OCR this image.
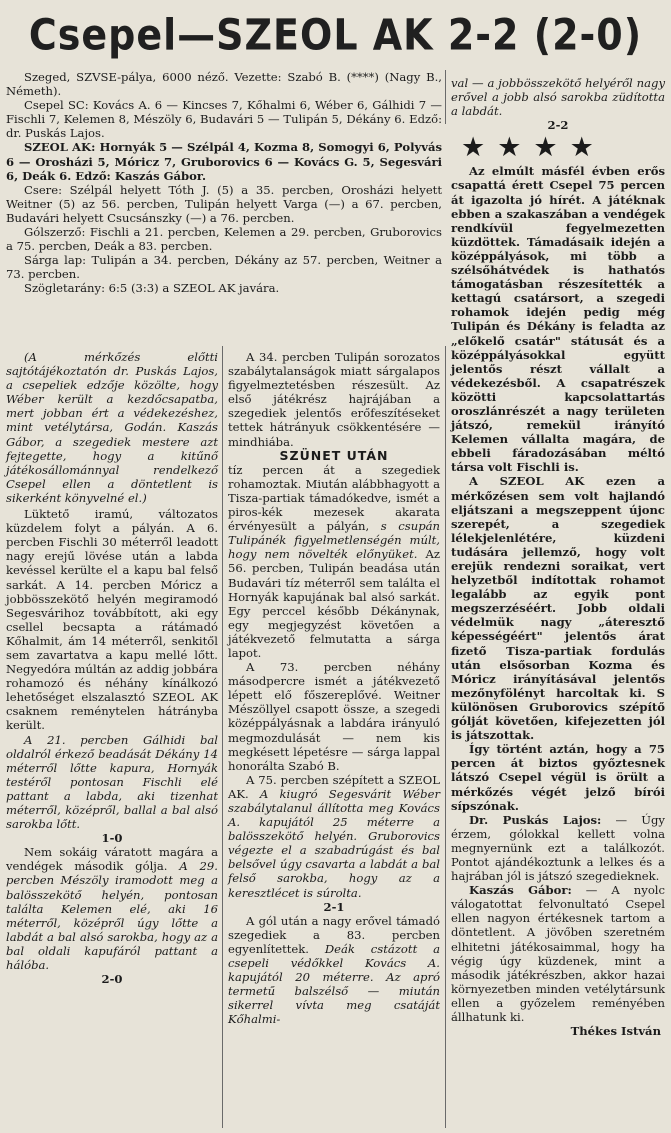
Csepel—SZEOL AK 2-2 (2-0)

Szeged, SZVSE-pálya, 6000 néző. Vezette: Szabó B. (****) (Nagy B., Németh).

Csepel SC: Kovács A. 6 — Kincses 7, Kőhalmi 6, Wéber 6, Gálhidi 7 — Fischli 7, Kelemen 8, Mészöly 6, Budavári 5 — Tulipán 5, Dékány 6. Edző: dr. Puskás Lajos.

SZEOL AK: Hornyák 5 — Szélpál 4, Kozma 8, Somogyi 6, Polyvás 6 — Orosházi 5, Móricz 7, Gruborovics 6 — Kovács G. 5, Segesvári 6, Deák 6. Edző: Kaszás Gábor.

Csere: Szélpál helyett Tóth J. (5) a 35. percben, Orosházi helyett Weitner (5) az 56. percben, Tulipán helyett Varga (—) a 67. percben, Budavári helyett Csucsánszky (—) a 76. percben.

Gólszerző: Fischli a 21. percben, Kelemen a 29. percben, Gruborovics a 75. percben, Deák a 83. percben.

Sárga lap: Tulipán a 34. percben, Dékány az 57. percben, Weitner a 73. percben.

Szögletarány: 6:5 (3:3) a SZEOL AK javára.

(A mérkőzés előtti sajtótájékoztatón dr. Puskás Lajos, a csepeliek edzője közölte, hogy Wéber került a kezdőcsapatba, mert jobban ért a védekezéshez, mint vetélytársa, Godán. Kaszás Gábor, a szegediek mestere azt fejtegette, hogy a kitűnő játékosállománnyal rendelkező Csepel ellen a döntetlent is sikerként könyvelné el.)

Lüktető iramú, változatos küzdelem folyt a pályán. A 6. percben Fischli 30 méterről leadott nagy erejű lövése után a labda kevéssel kerülte el a kapu bal felső sarkát. A 14. percben Móricz a jobbösszekötő helyén megiramodó Segesvárihoz továbbított, aki egy csellel becsapta a rátámadó Kőhalmit, ám 14 méterről, senkitől sem zavartatva a kapu mellé lőtt. Negyedóra múltán az addig jobbára rohamozó és néhány kínálkozó lehetőséget elszalasztó SZEOL AK csaknem reménytelen hátrányba került.

A 21. percben Gálhidi bal oldalról érkező beadását Dékány 14 méterről lőtte kapura, Hornyák testéről pontosan Fischli elé pattant a labda, aki tizenhat méterről, középről, ballal a bal alsó sarokba lőtt.

1-0

Nem sokáig váratott magára a vendégek második gólja. A 29. percben Mészöly iramodott meg a balösszekötő helyén, pontosan találta Kelemen elé, aki 16 méterről, középről úgy lőtte a labdát a bal alsó sarokba, hogy az a bal oldali kapufáról pattant a hálóba.

2-0

A 34. percben Tulipán sorozatos szabálytalanságok miatt sárgalapos figyelmeztetésben részesült. Az első játékrész hajrájában a szegediek jelentős erőfeszítéseket tettek hátrányuk csökkentésére — mindhiába.

SZÜNET UTÁN

tíz percen át a szegediek rohamoztak. Miután alábbhagyott a Tisza-partiak támadókedve, ismét a piros-kék mezesek akarata érvényesült a pályán, s csupán Tulipánék figyelmetlenségén múlt, hogy nem növelték előnyüket. Az 56. percben, Tulipán beadása után Budavári tíz méterről sem találta el Hornyák kapujának bal alsó sarkát. Egy perccel később Dékánynak, egy megjegyzést követően a játékvezető felmutatta a sárga lapot.

A 73. percben néhány másodpercre ismét a játékvezető lépett elő főszereplővé. Weitner Mészöllyel csapott össze, a szegedi középpályásnak a labdára irányuló megmozdulását — nem kis megkésett lépetésre — sárga lappal honorálta Szabó B.

A 75. percben szépített a SZEOL AK. A kiugró Segesvárit Wéber szabálytalanul állította meg Kovács A. kapujától 25 méterre a balösszekötő helyén. Gruborovics végezte el a szabadrúgást és bal belsővel úgy csavarta a labdát a bal felső sarokba, hogy az a keresztlécet is súrolta.

2-1

A gól után a nagy erővel támadó szegediek a 83. percben egyenlítettek. Deák cstázott a csepeli védőkkel Kovács A. kapujától 20 méterre. Az apró termetű balszélső — miután sikerrel vívta meg csatáját Kőhalmi-

val — a jobbösszekötő helyéről nagy erővel a jobb alsó sarokba züdította a labdát.

2-2

★★★★

Az elmúlt másfél évben erős csapattá érett Csepel 75 percen át igazolta jó hírét. A játéknak ebben a szakaszában a vendégek rendkívül fegyelmezetten küzdöttek. Támadásaik idején a középpályások, mi több a szélsőhátvédek is hathatós támogatásban részesítették a kettagú csatársort, a szegedi rohamok idején pedig még Tulipán és Dékány is feladta az „előkelő csatár" státusát és a középpályásokkal együtt jelentős részt vállalt a védekezésből. A csapatrészek közötti kapcsolattartás oroszlánrészét a nagy területen játszó, remekül irányító Kelemen vállalta magára, de ebbeli fáradozásában méltó társa volt Fischli is.

A SZEOL AK ezen a mérkőzésen sem volt hajlandó eljátszani a megszeppent újonc szerepét, a szegediek lélekjelenlétére, küzdeni tudására jellemző, hogy volt erejük rendezni soraikat, vert helyzetből indítottak rohamot legalább az egyik pont megszerzéséért. Jobb oldali védelmük nagy „áteresztő képességéért" jelentős árat fizető Tisza-partiak fordulás után elsősorban Kozma és Móricz irányításával jelentős mezőnyfölényt harcoltak ki. S különösen Gruborovics szépítő gólját követően, kifejezetten jól is játszottak.

Így történt aztán, hogy a 75 percen át biztos győztesnek látszó Csepel végül is örült a mérkőzés végét jelző bírói sípszónak.

Dr. Puskás Lajos: — Úgy érzem, gólokkal kellett volna megnyernünk ezt a találkozót. Pontot ajándékoztunk a lelkes és a hajrában jól is játszó szegedieknek.

Kaszás Gábor: — A nyolc válogatottat felvonultató Csepel ellen nagyon értékesnek tartom a döntetlent. A jövőben szeretném elhitetni játékosaimmal, hogy ha végig úgy küzdenek, mint a második játékrészben, akkor hazai környezetben minden vetélytársunk ellen a győzelem reményében állhatunk ki.

Thékes István
